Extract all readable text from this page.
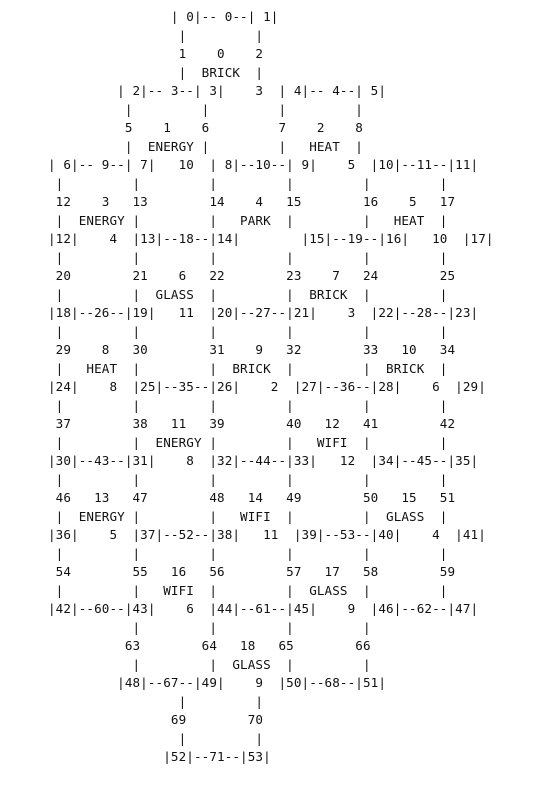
| 0|-- 0--| 1|
|         |
1    0    2
|  BRICK  |
| 2|-- 3--| 3|    3  | 4|-- 4--| 5|
|         |         |         |
5    1    6         7    2    8
|  ENERGY |         |   HEAT  |
| 6|-- 9--| 7|   10  | 8|--10--| 9|    5  |10|--11--|11|
|         |         |         |         |         |
12    3   13        14    4   15        16    5   17
|  ENERGY |         |   PARK  |         |   HEAT  |
|12|    4  |13|--18--|14|        |15|--19--|16|   10  |17|
|         |         |         |         |         |
20        21    6   22        23    7   24        25
|         |  GLASS  |         |  BRICK  |         |
|18|--26--|19|   11  |20|--27--|21|    3  |22|--28--|23|
|         |         |         |         |         |
29    8   30        31    9   32        33   10   34
|   HEAT  |         |  BRICK  |         |  BRICK  |
|24|    8  |25|--35--|26|    2  |27|--36--|28|    6  |29|
|         |         |         |         |         |
37        38   11   39        40   12   41        42
|         |  ENERGY |         |   WIFI  |         |
|30|--43--|31|    8  |32|--44--|33|   12  |34|--45--|35|
|         |         |         |         |         |
46   13   47        48   14   49        50   15   51
|  ENERGY |         |   WIFI  |         |  GLASS  |
|36|    5  |37|--52--|38|   11  |39|--53--|40|    4  |41|
|         |         |         |         |         |
54        55   16   56        57   17   58        59
|         |   WIFI  |         |  GLASS  |         |
|42|--60--|43|    6  |44|--61--|45|    9  |46|--62--|47|
|         |         |         |
63        64   18   65        66
|         |  GLASS  |         |
|48|--67--|49|    9  |50|--68--|51|
|         |
69        70
|         |
|52|--71--|53|
